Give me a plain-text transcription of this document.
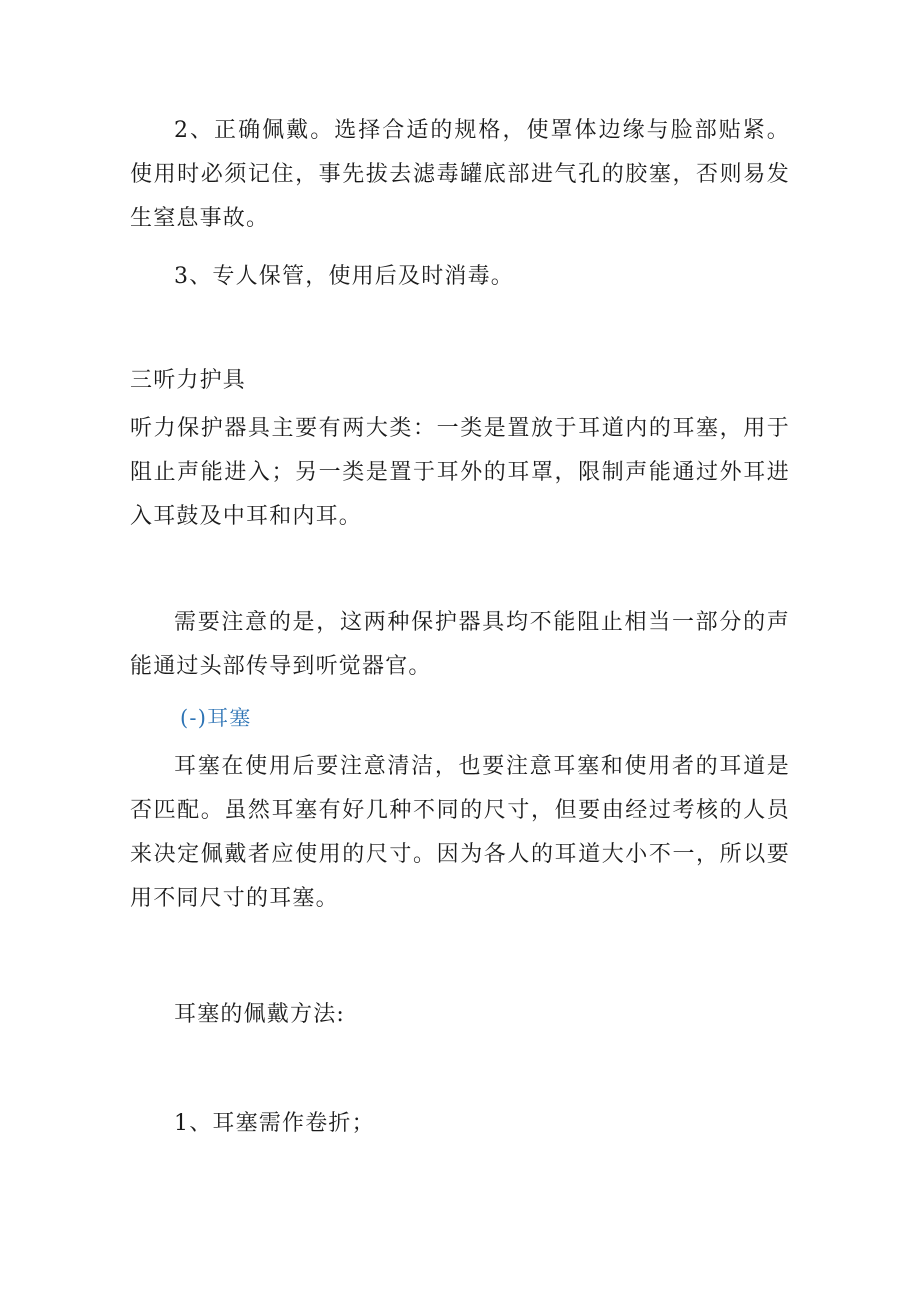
2、正确佩戴。选择合适的规格，使罩体边缘与脸部贴紧。使用时必须记住，事先拔去滤毒罐底部进气孔的胶塞，否则易发生窒息事故。

3、专人保管，使用后及时消毒。

三听力护具

听力保护器具主要有两大类：一类是置放于耳道内的耳塞，用于阻止声能进入；另一类是置于耳外的耳罩，限制声能通过外耳进入耳鼓及中耳和内耳。

需要注意的是，这两种保护器具均不能阻止相当一部分的声能通过头部传导到听觉器官。

(-)耳塞

耳塞在使用后要注意清洁，也要注意耳塞和使用者的耳道是否匹配。虽然耳塞有好几种不同的尺寸，但要由经过考核的人员来决定佩戴者应使用的尺寸。因为各人的耳道大小不一，所以要用不同尺寸的耳塞。

耳塞的佩戴方法:

1、耳塞需作卷折；
